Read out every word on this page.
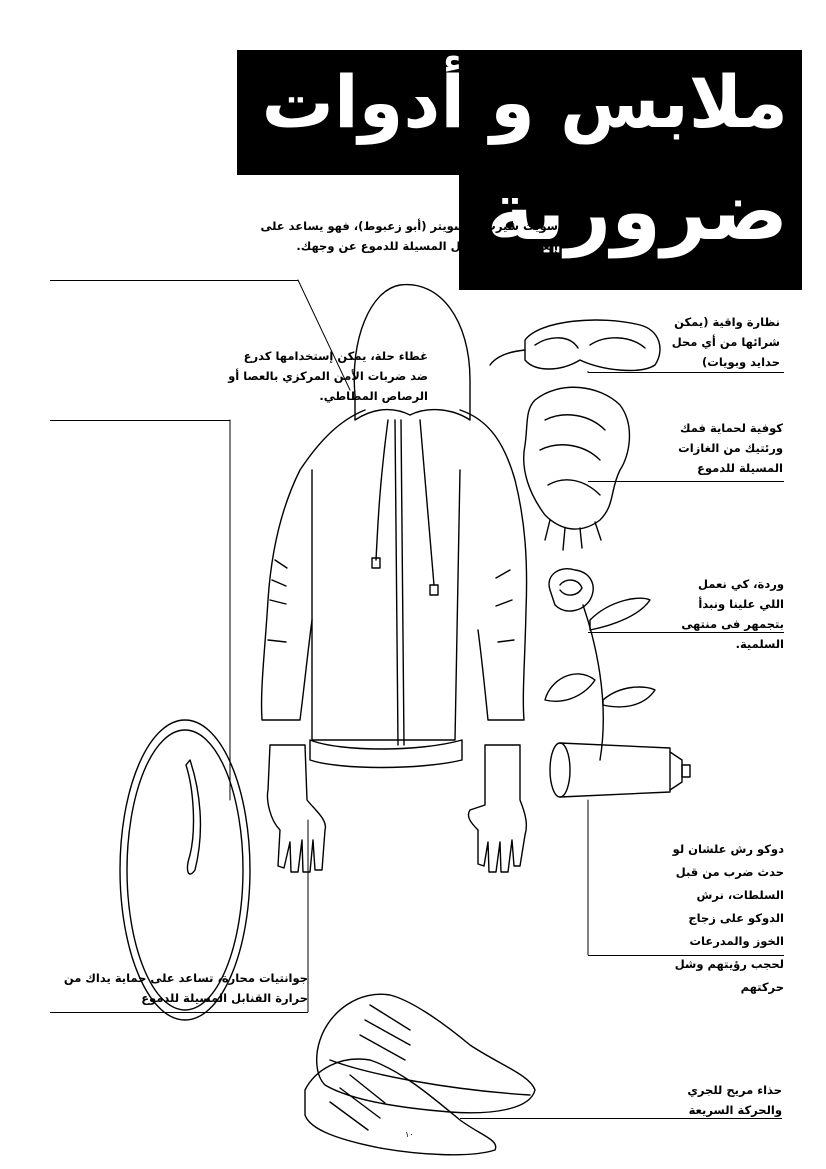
ملابس و أدوات
ضرورية
سويت شيرت أو سويتر (أبو زعبوط)، فهو يساعد على إبعاد غازات القنابل المسيلة للدموع عن وجهك.
غطاء حلة، يمكن إستخدامها كدرع ضد ضربات الأمن المركزي بالعصا أو الرصاص المطاطي.
نظارة واقية (يمكن شرائها من أي محل حدايد وبويات)
كوفية لحماية فمك ورئتيك من الغازات المسيلة للدموع
وردة، كي نعمل اللي علينا ونبدأ بتجمهر فى منتهى السلمية.
دوكو رش علشان لو حدث ضرب من قبل السلطات، نرش الدوكو على زجاج الخوز والمدرعات لحجب رؤيتهم وشل حركتهم
جوانتيات محارة، تساعد على حماية يداك من حرارة القنابل المسيلة للدموع
حذاء مريح للجري والحركة السريعة
١٠
